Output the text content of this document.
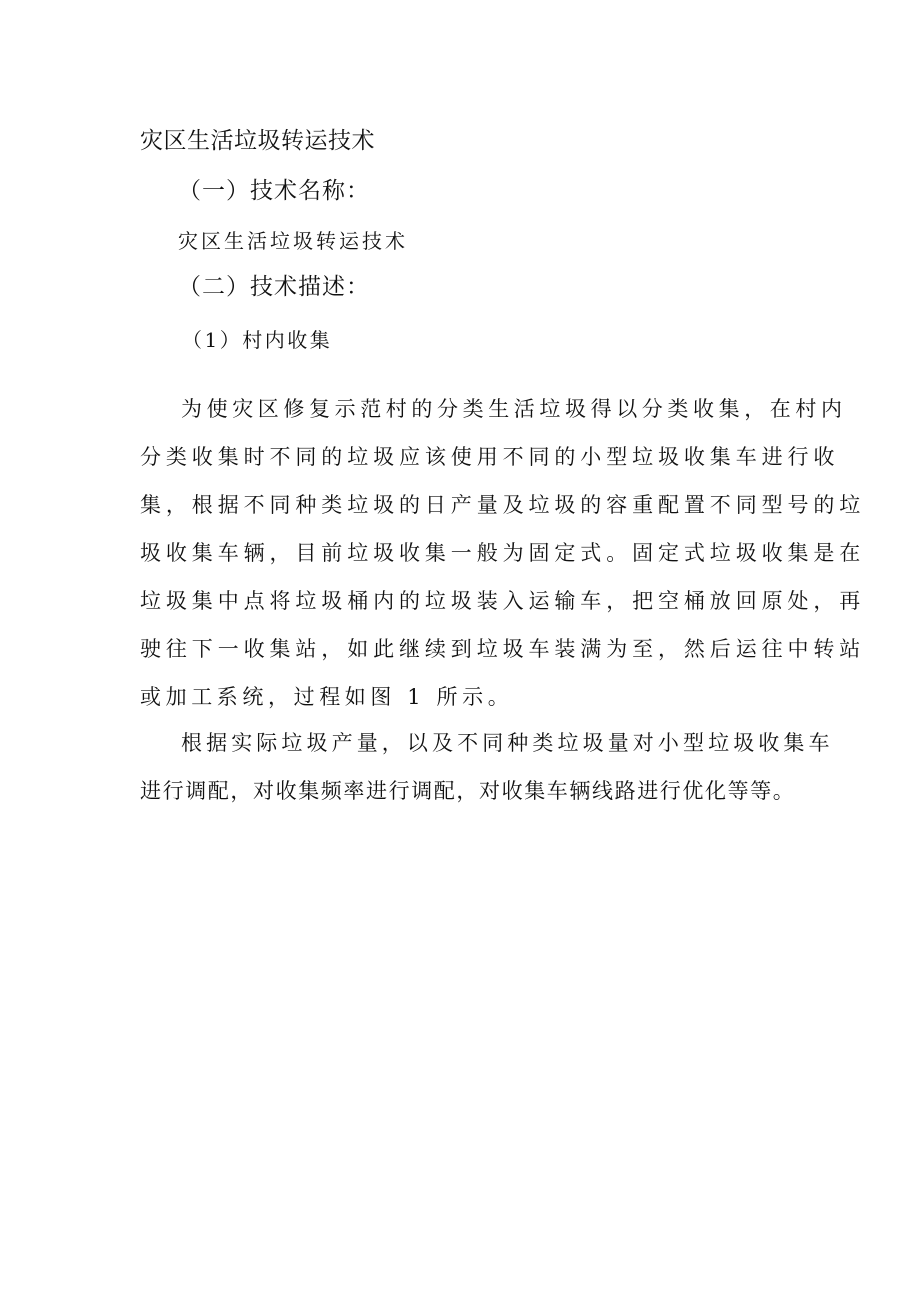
灾区生活垃圾转运技术

（一）技术名称：

灾区生活垃圾转运技术

（二）技术描述：

（1）村内收集

为使灾区修复示范村的分类生活垃圾得以分类收集，在村内
分类收集时不同的垃圾应该使用不同的小型垃圾收集车进行收
集，根据不同种类垃圾的日产量及垃圾的容重配置不同型号的垃
圾收集车辆，目前垃圾收集一般为固定式。固定式垃圾收集是在
垃圾集中点将垃圾桶内的垃圾装入运输车，把空桶放回原处，再
驶往下一收集站，如此继续到垃圾车装满为至，然后运往中转站
或加工系统，过程如图 1 所示。
根据实际垃圾产量，以及不同种类垃圾量对小型垃圾收集车
进行调配，对收集频率进行调配，对收集车辆线路进行优化等等。
